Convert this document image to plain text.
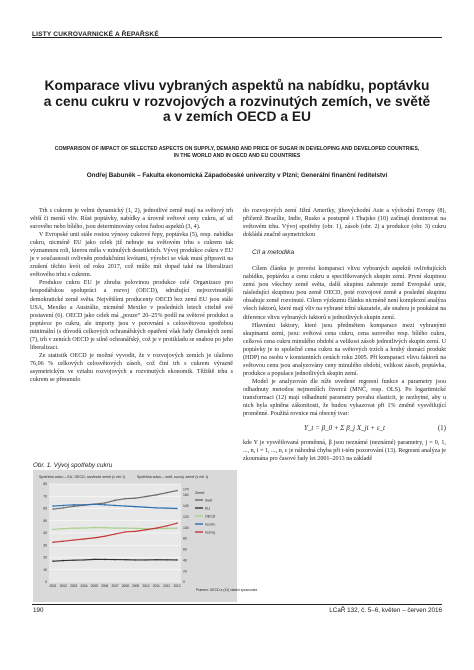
LISTY CUKROVARNICKÉ A ŘEPAŘSKÉ
Komparace vlivu vybraných aspektů na nabídku, poptávku a cenu cukru v rozvojových a rozvinutých zemích, ve světě a v zemích OECD a EU
COMPARISON OF IMPACT OF SELECTED ASPECTS ON SUPPLY, DEMAND AND PRICE OF SUGAR IN DEVELOPING AND DEVELOPED COUNTRIES, IN THE WORLD AND IN OECD AND EU COUNTRIES
Ondřej Babuněk – Fakulta ekonomická Západočeské univerzity v Plzni; Generální finanční ředitelství

Trh s cukrem je velmi dynamický (1, 2), jednotlivé země mají na světový trh větší či menší vliv. Růst poptávky, nabídky a úrovně světové ceny cukru, ať už surového nebo bílého, jsou determinovány celou řadou aspektů (3, 4).

V Evropské unii stále rostou výnosy cukrové řepy, poptávka (5), resp. nabídka cukru, nicméně EU jako celek již nehraje na světovém trhu s cukrem tak významnou roli, kterou měla v minulých desetiletích. Vývoj produkce cukru v EU je v současnosti ovlivněn produkčními kvótami, výrobci se však musí připravit na zrušení těchto kvót od roku 2017, což může mít dopad také na liberalizaci světového trhu s cukrem.

Produkce cukru EU je zhruba polovinou produkce celé Organizace pro hospodářskou spolupráci a rozvoj (OECD), sdružující nejrozvinutější demokratické země světa. Největšími producenty OECD bez zemí EU jsou stále USA, Mexiko a Austrálie, nicméně Mexiko v posledních letech citelně své postavení (6). OECD jako celek má „pouze“ 20–25% podíl na světové produkci a poptávce po cukru, ale importy jsou v porovnání s celosvětovou spotřebou minimální (s důvodů celkových ochranářských opatření však řady členských zemí (7), trh v zemích OECD je silně ochranářský, což je v protikladu se snahou po jeho liberalizaci.

Ze statistik OECD je možné vyvodit, že v rozvojových zemích je ulaženo 76,06 % celkových celosvětových zásob, což činí trh s cukrem výrazně asymetrickým ve vztahu rozvojových a rozvinutých ekonomik. Těžiště trhu s cukrem se přesunulo

do rozvojových zemí Jižní Ameriky, jihovýchodní Asie a východní Evropy (8), přičemž Brazílie, Indie, Rusko a postupně i Thajsko (10) začínají dominovat na světovém trhu. Vývoj spotřeby (obr. 1), zásob (obr. 2) a produkce (obr. 3) cukru dokládá značně asymetrickou

Cíl a metodika

Cílem článku je provést komparaci vlivu vybraných aspektů ovlivňujících nabídku, poptávku a cenu cukru u specifikovaných skupin zemí. První skupinou zemí jsou všechny země světa, další skupinu zahrnuje země Evropské unie, následující skupinou jsou země OECD, poté rozvojové země a poslední skupinu obsahuje země rozvinuté. Cílem výzkumu článku nicméně není komplexní analýza všech faktorů, které mají vliv na vybrané tržní ukazatele, ale snahou je poukázat na diference vlivu vybraných faktorů u jednotlivých skupin zemí.

Hlavními faktory, které jsou předmětem komparace mezi vybranými skupinami zemí, jsou: světová cena cukru, cena surového resp. bílého cukru, celková cena cukru minulého období a velikost zásob jednotlivých skupin zemí. U poptávky je to společně cena cukru na světových trzích a hrubý domácí produkt (HDP) na osobu v konstantních cenách roku 2005. Při komparaci vlivu faktorů na světovou cenu jsou analyzovány ceny minulého období, velikost zásob, poptávka, produkce a populace jednotlivých skupin zemí.

Model je analyzován dle níže uvedené regresní funkce a parametry jsou odhadnuty metodou nejmenších čtverců (MNČ, resp. OLS). Po logaritmické transformaci (12) mají odhadnuté parametry povahu elasticit, je nezbytné, aby u nich byla splněna zákonitosti, že budou vykazovat při 1% změně vysvětlující proměnné. Použitá rovnice má obecný tvar:

Y_t = β_0 + Σ β_j X_jt + ε_t	(1)

kde Y je vysvětlovaná proměnná, β jsou neznámé (neznámé) parametry, j = 0, 1, ..., n, i = 1, ..., n, ε je náhodná chyba při t-tém pozorování (13). Regresní analýza je zkoumána pro časové řady let 2001–2013 na základě

Obr. 1. Vývoj spotřeby cukru
Spotřeba cukru – EU, OECD, rozvinuté země (v mil. t)	Spotřeba cukru – svět, rozvoj. země (v mil. t)
0
10
20
30
40
50
60
70
80
0
20
40
60
80
100
120
140
160
170
2001 2002 2003 2004 2005 2006 2007 2008 2009 2010 2011 2012 2013
Země:
Svět
EU
OECD
rozvin.
rozvoj.
Pramen: OECD a (11) vlastní zpracování
190	LCaŘ 132, č. 5–6, květen – červen 2016
